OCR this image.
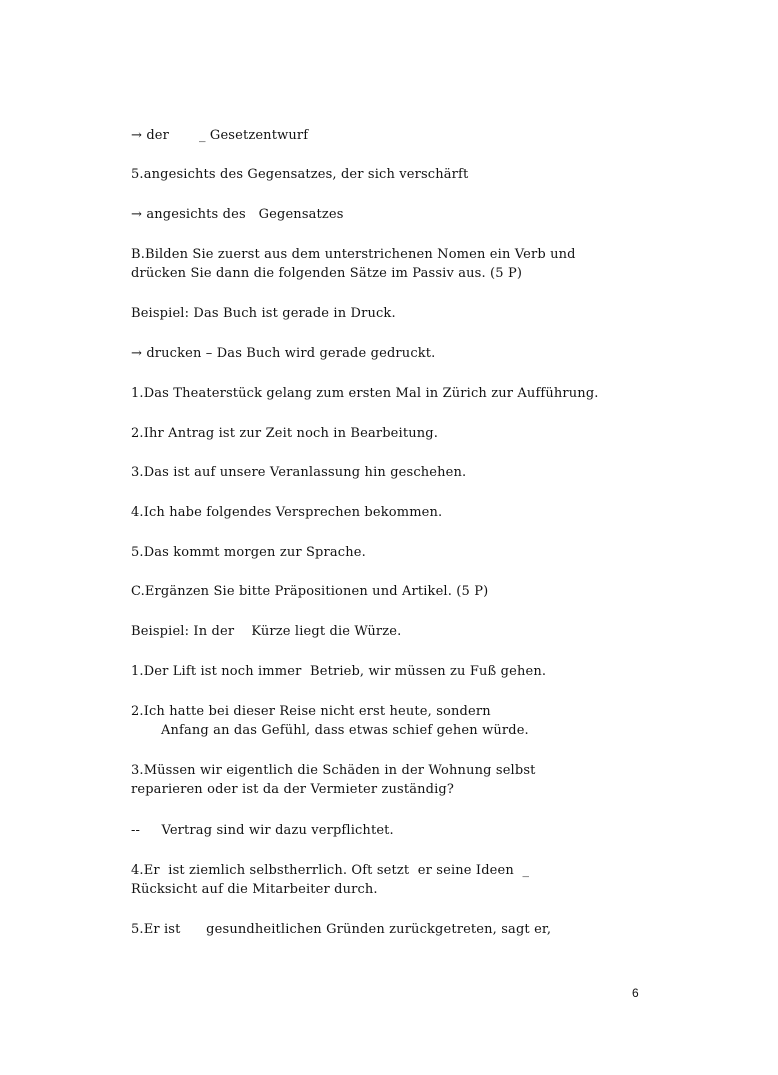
→ der       _ Gesetzentwurf
5.angesichts des Gegensatzes, der sich verschärft
→ angesichts des   Gegensatzes
B.Bilden Sie zuerst aus dem unterstrichenen Nomen ein Verb und
drücken Sie dann die folgenden Sätze im Passiv aus. (5 P)
Beispiel: Das Buch ist gerade in Druck.
→ drucken – Das Buch wird gerade gedruckt.
1.Das Theaterstück gelang zum ersten Mal in Zürich zur Aufführung.
2.Ihr Antrag ist zur Zeit noch in Bearbeitung.
3.Das ist auf unsere Veranlassung hin geschehen.
4.Ich habe folgendes Versprechen bekommen.
5.Das kommt morgen zur Sprache.
C.Ergänzen Sie bitte Präpositionen und Artikel. (5 P)
Beispiel: In der    Kürze liegt die Würze.
1.Der Lift ist noch immer  Betrieb, wir müssen zu Fuß gehen.
2.Ich hatte bei dieser Reise nicht erst heute, sondern
Anfang an das Gefühl, dass etwas schief gehen würde.
3.Müssen wir eigentlich die Schäden in der Wohnung selbst
reparieren oder ist da der Vermieter zuständig?
--     Vertrag sind wir dazu verpflichtet.
4.Er  ist ziemlich selbstherrlich. Oft setzt  er seine Ideen  _
Rücksicht auf die Mitarbeiter durch.
5.Er ist      gesundheitlichen Gründen zurückgetreten, sagt er,
6
